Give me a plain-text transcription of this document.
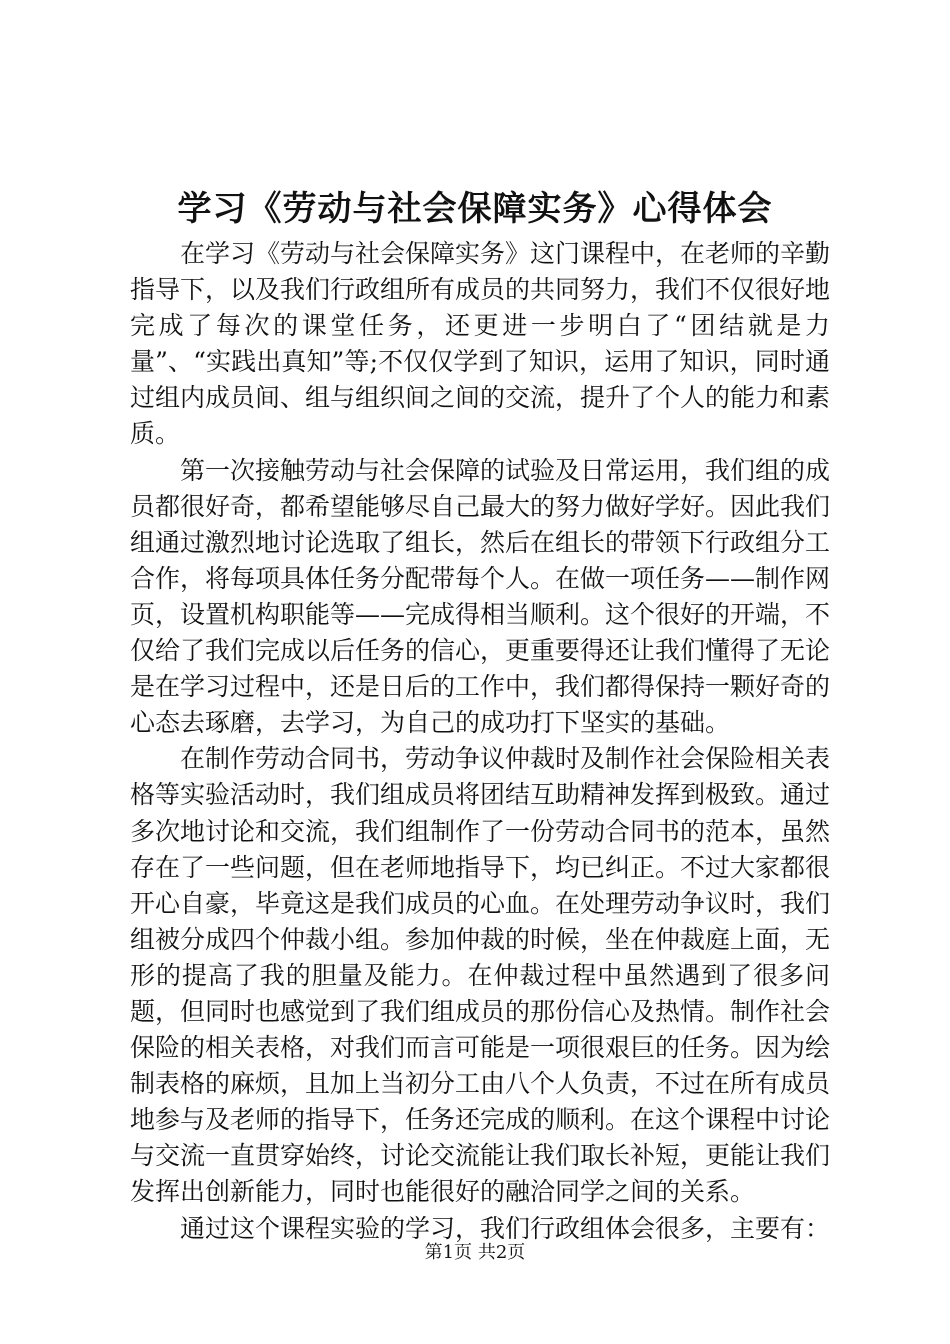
学习《劳动与社会保障实务》心得体会

在学习《劳动与社会保障实务》这门课程中，在老师的辛勤指导下，以及我们行政组所有成员的共同努力，我们不仅很好地完成了每次的课堂任务，还更进一步明白了“团结就是力量”、“实践出真知”等;不仅仅学到了知识，运用了知识，同时通过组内成员间、组与组织间之间的交流，提升了个人的能力和素质。

第一次接触劳动与社会保障的试验及日常运用，我们组的成员都很好奇，都希望能够尽自己最大的努力做好学好。因此我们组通过激烈地讨论选取了组长，然后在组长的带领下行政组分工合作，将每项具体任务分配带每个人。在做一项任务——制作网页，设置机构职能等——完成得相当顺利。这个很好的开端，不仅给了我们完成以后任务的信心，更重要得还让我们懂得了无论是在学习过程中，还是日后的工作中，我们都得保持一颗好奇的心态去琢磨，去学习，为自己的成功打下坚实的基础。

在制作劳动合同书，劳动争议仲裁时及制作社会保险相关表格等实验活动时，我们组成员将团结互助精神发挥到极致。通过多次地讨论和交流，我们组制作了一份劳动合同书的范本，虽然存在了一些问题，但在老师地指导下，均已纠正。不过大家都很开心自豪，毕竟这是我们成员的心血。在处理劳动争议时，我们组被分成四个仲裁小组。参加仲裁的时候，坐在仲裁庭上面，无形的提高了我的胆量及能力。在仲裁过程中虽然遇到了很多问题，但同时也感觉到了我们组成员的那份信心及热情。制作社会保险的相关表格，对我们而言可能是一项很艰巨的任务。因为绘制表格的麻烦，且加上当初分工由八个人负责，不过在所有成员地参与及老师的指导下，任务还完成的顺利。在这个课程中讨论与交流一直贯穿始终，讨论交流能让我们取长补短，更能让我们发挥出创新能力，同时也能很好的融洽同学之间的关系。

通过这个课程实验的学习，我们行政组体会很多，主要有：

第1页 共2页
